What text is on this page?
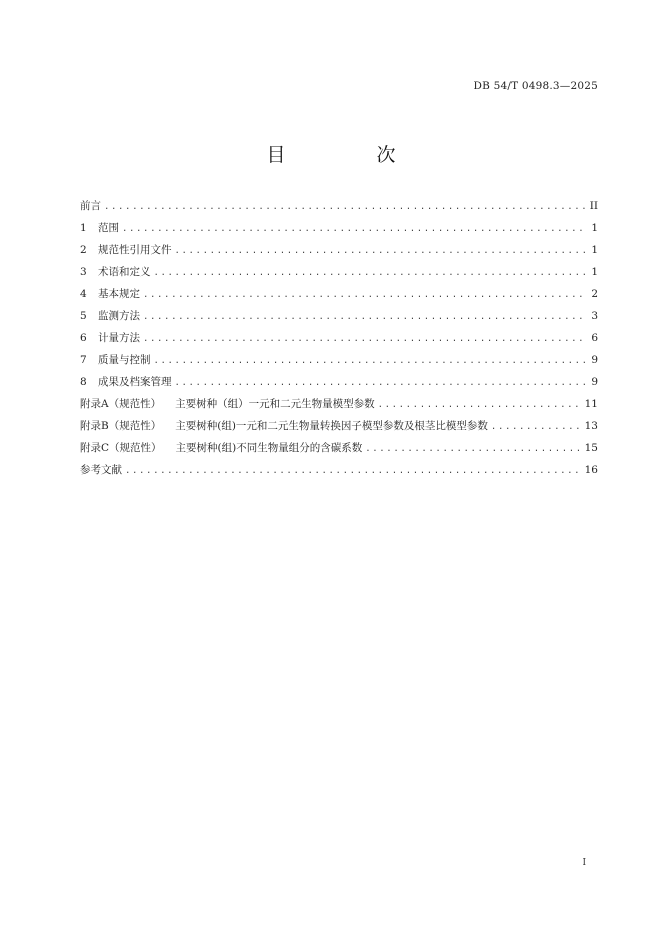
DB 54/T 0498.3—2025
目　次
前言 .....	II
1	范围 .....	1
2	规范性引用文件 .....	1
3	术语和定义 .....	1
4	基本规定 .....	2
5	监测方法 .....	3
6	计量方法 .....	6
7	质量与控制 .....	9
8	成果及档案管理 .....	9
附录A（规范性） 主要树种（组）一元和二元生物量模型参数 .....	11
附录B（规范性） 主要树种(组)一元和二元生物量转换因子模型参数及根茎比模型参数 .....	13
附录C（规范性） 主要树种(组)不同生物量组分的含碳系数 .....	15
参考文献 .....	16
I
